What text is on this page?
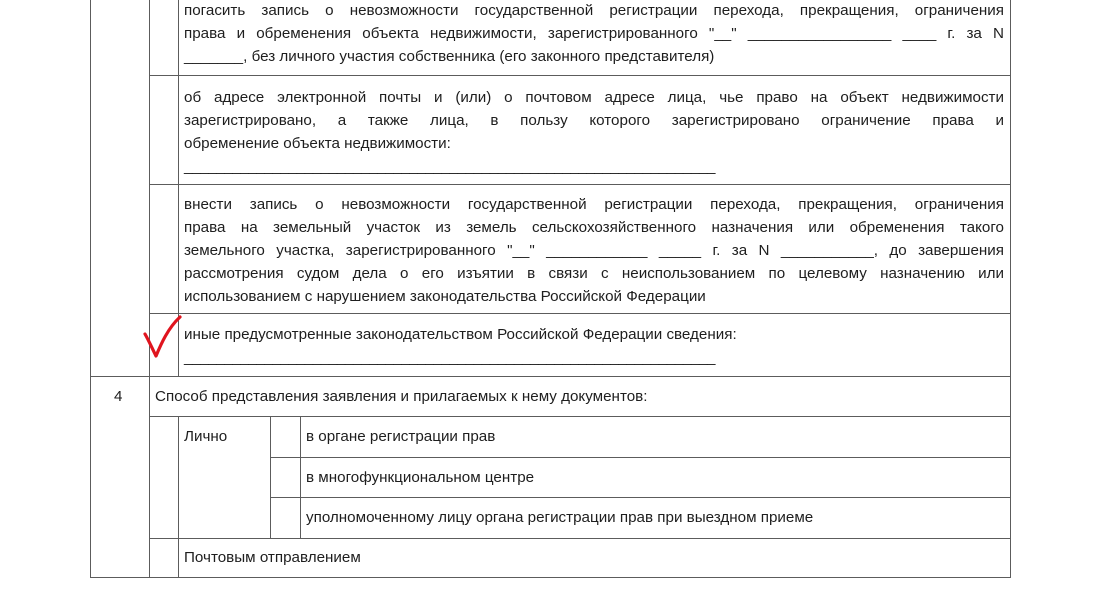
погасить запись о невозможности государственной регистрации перехода, прекращения, ограничения
права и обременения объекта недвижимости, зарегистрированного "__" _________________ ____ г. за N
_______, без личного участия собственника (его законного представителя)
об адресе электронной почты и (или) о почтовом адресе лица, чье право на объект недвижимости
зарегистрировано, а также лица, в пользу которого зарегистрировано ограничение права и
обременение объекта недвижимости:
__________________________________________________________________
внести запись о невозможности государственной регистрации перехода, прекращения, ограничения
права на земельный участок из земель сельскохозяйственного назначения или обременения такого
земельного участка, зарегистрированного "__" ____________ _____ г. за N ___________, до завершения
рассмотрения судом дела о его изъятии в связи с неиспользованием по целевому назначению или
использованием с нарушением законодательства Российской Федерации
иные предусмотренные законодательством Российской Федерации сведения:
__________________________________________________________________
4 Способ представления заявления и прилагаемых к нему документов:
Лично	в органе регистрации прав
в многофункциональном центре
уполномоченному лицу органа регистрации прав при выездном приеме
Почтовым отправлением
